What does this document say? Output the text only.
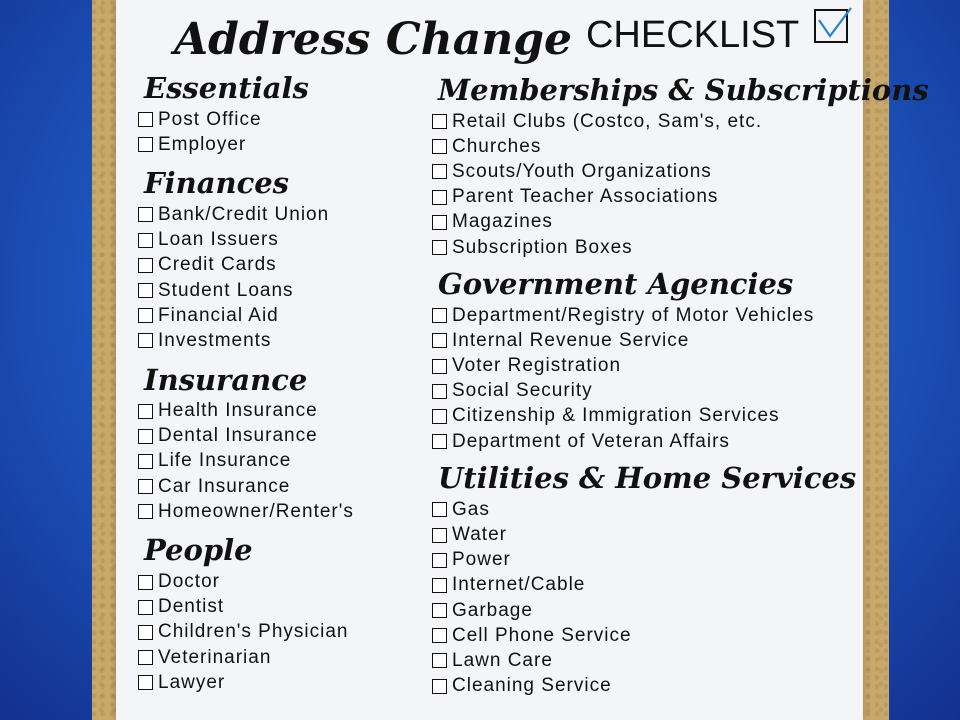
Address Change CHECKLIST
Essentials
Post Office
Employer
Finances
Bank/Credit Union
Loan Issuers
Credit Cards
Student Loans
Financial Aid
Investments
Insurance
Health Insurance
Dental Insurance
Life Insurance
Car Insurance
Homeowner/Renter's
People
Doctor
Dentist
Children's Physician
Veterinarian
Lawyer
Memberships & Subscriptions
Retail Clubs (Costco, Sam's, etc.
Churches
Scouts/Youth Organizations
Parent Teacher Associations
Magazines
Subscription Boxes
Government Agencies
Department/Registry of Motor Vehicles
Internal Revenue Service
Voter Registration
Social Security
Citizenship & Immigration Services
Department of Veteran Affairs
Utilities & Home Services
Gas
Water
Power
Internet/Cable
Garbage
Cell Phone Service
Lawn Care
Cleaning Service
